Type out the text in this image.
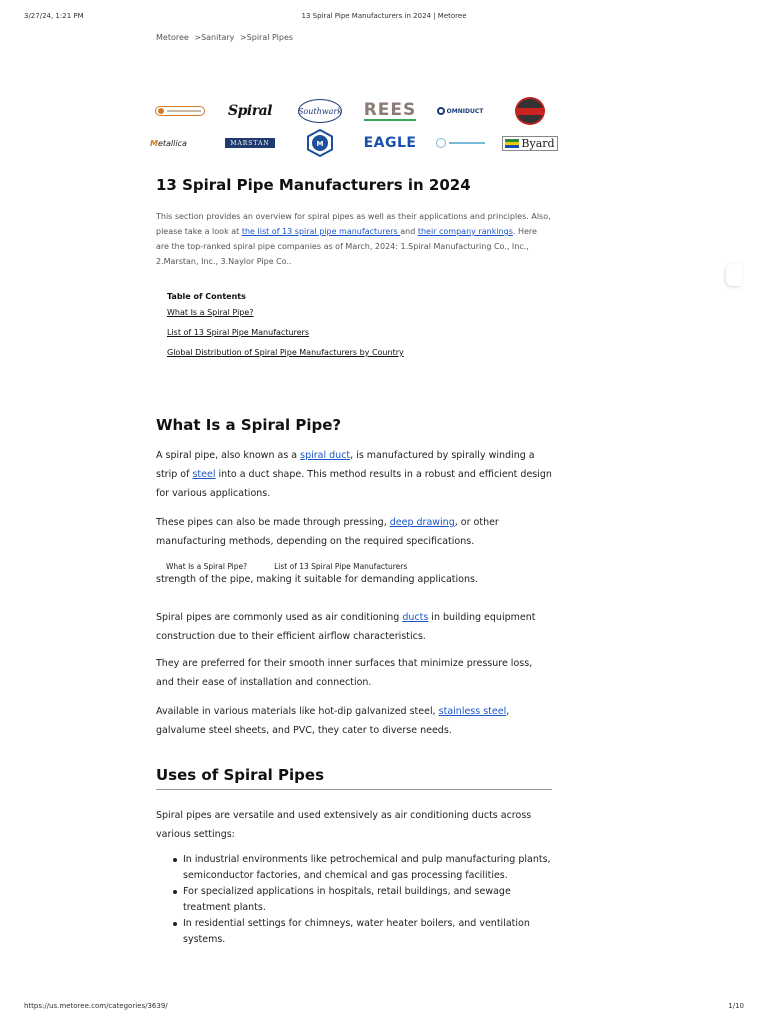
3/27/24, 1:21 PM	13 Spiral Pipe Manufacturers in 2024 | Metoree
Metoree >Sanitary >Spiral Pipes
Spiral	Southwark REES	OMNIDUCT
Metallica	MARSTAN	M	EAGLE	Byard
13 Spiral Pipe Manufacturers in 2024

This section provides an overview for spiral pipes as well as their applications and principles. Also, please take a look at the list of 13 spiral pipe manufacturers and their company rankings. Here are the top-ranked spiral pipe companies as of March, 2024: 1.Spiral Manufacturing Co., Inc., 2.Marstan, Inc., 3.Naylor Pipe Co..

Table of Contents
What Is a Spiral Pipe?
List of 13 Spiral Pipe Manufacturers
Global Distribution of Spiral Pipe Manufacturers by Country
What Is a Spiral Pipe?

A spiral pipe, also known as a spiral duct, is manufactured by spirally winding a strip of steel into a duct shape. This method results in a robust and efficient design for various applications.

These pipes can also be made through pressing, deep drawing, or other manufacturing methods, depending on the required specifications.

What Is a Spiral Pipe?	List of 13 Spiral Pipe Manufacturers
strength of the pipe, making it suitable for demanding applications.

Spiral pipes are commonly used as air conditioning ducts in building equipment construction due to their efficient airflow characteristics.

They are preferred for their smooth inner surfaces that minimize pressure loss, and their ease of installation and connection.

Available in various materials like hot-dip galvanized steel, stainless steel, galvalume steel sheets, and PVC, they cater to diverse needs.

Uses of Spiral Pipes

Spiral pipes are versatile and used extensively as air conditioning ducts across various settings:

In industrial environments like petrochemical and pulp manufacturing plants, semiconductor factories, and chemical and gas processing facilities.
For specialized applications in hospitals, retail buildings, and sewage treatment plants.
In residential settings for chimneys, water heater boilers, and ventilation systems.
https://us.metoree.com/categories/3639/	1/10
